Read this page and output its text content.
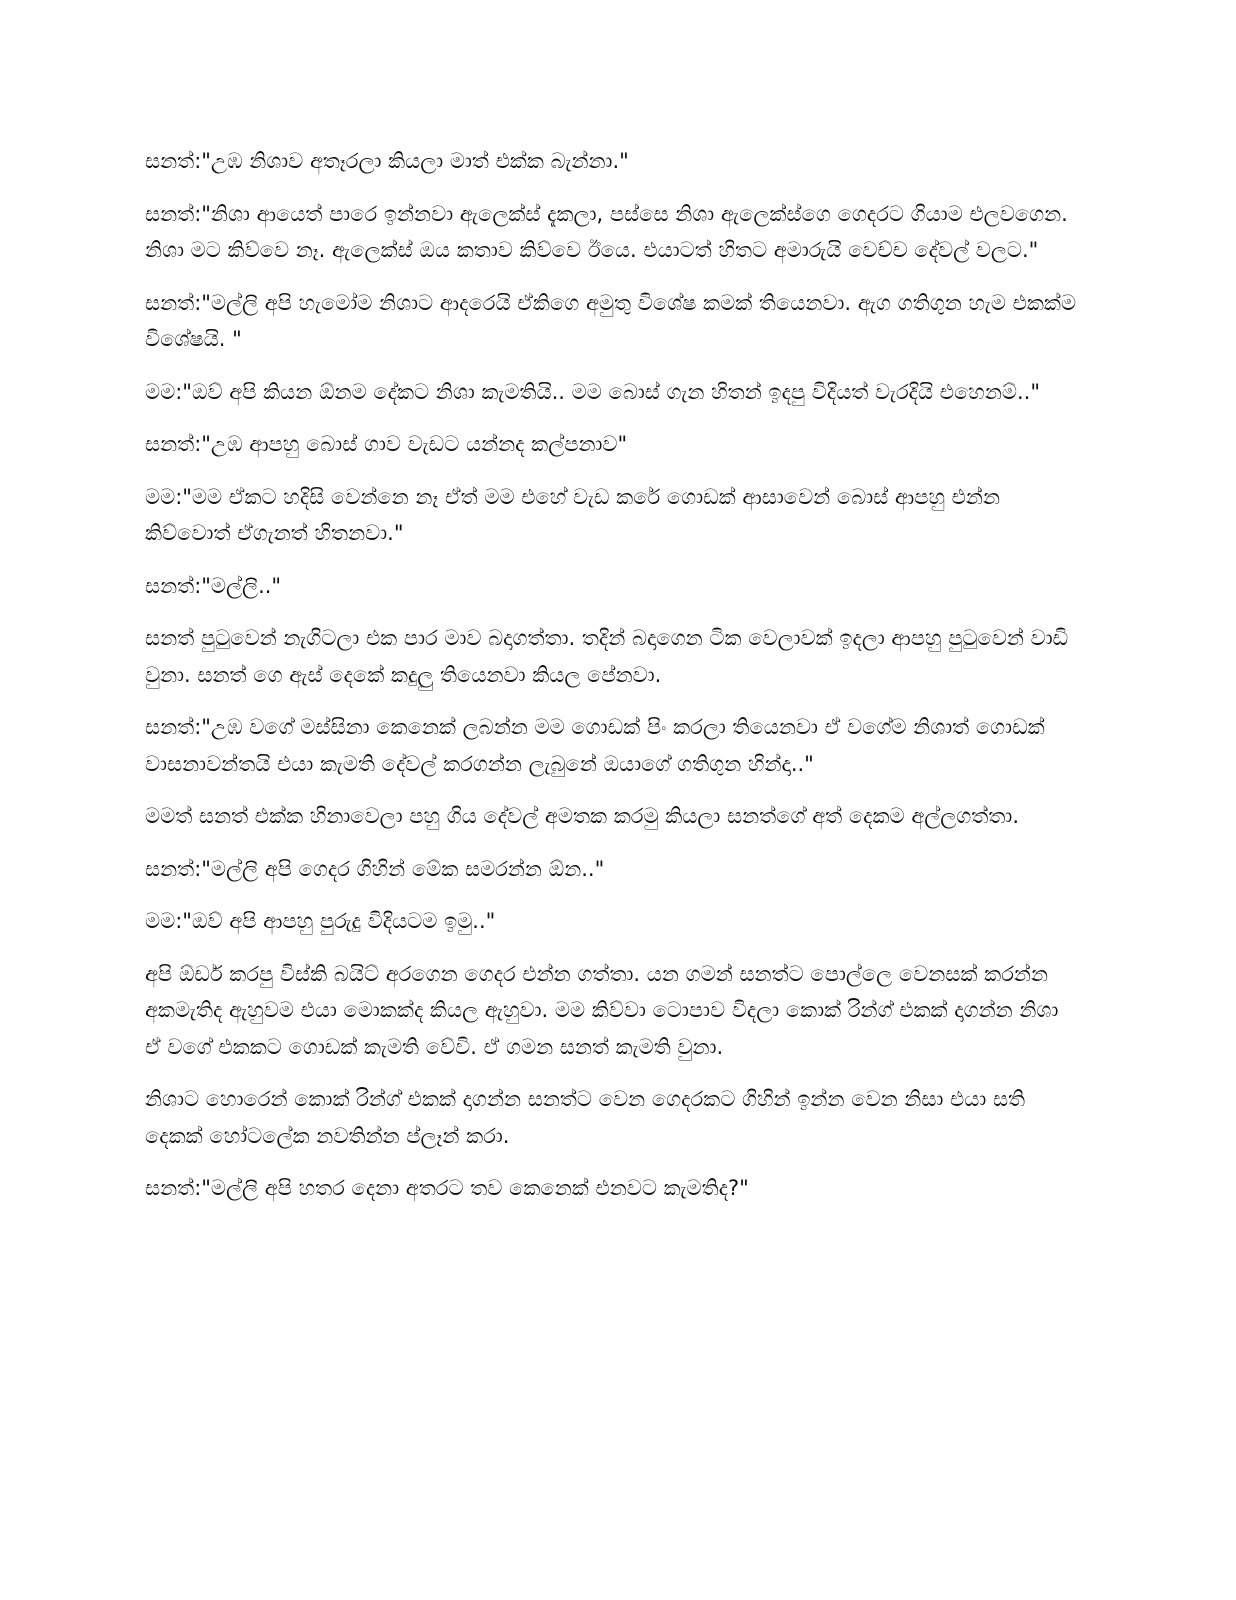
සනත්:"උඹ නිශාව අතෑරලා කියලා මාත් එක්ක බැන්නා."

සනත්:"නිශා ආයෙත් පාරෙ ඉන්නවා ඇලෙක්ස් දැකලා, පස්සෙ නිශා ඇලෙක්ස්ගෙ ගෙදරට ගියාම එලවගෙන. නිශා මට කිව්වෙ නෑ. ඇලෙක්ස් ඔය කතාව කිව්වෙ ඊයෙ. එයාටත් හිතට අමාරුයි වෙච්ච දේවල් වලට."

සනත්:"මල්ලි අපි හැමෝම නිශාට ආදරෙයි ඒකිගෙ අමුතු විශේෂ කමක් තියෙනවා. ඇග ගතිගුන හැම එකක්ම විශේෂයි. "

මම:"ඔව් අපි කියන ඕනම දේකට නිශා කැමතියි.. මම බොස් ගැන හිතන් ඉදපු විදියත් වැරදියි එහෙනම්.."

සනත්:"උඹ ආපහු බොස් ගාව වැඩට යන්නද කල්පනාව"

මම:"මම ඒකට හදිසි වෙන්නෙ නෑ ඒත් මම එහේ වැඩ කරේ ගොඩක් ආසාවෙන් බොස් ආපහු එන්න කිව්වොත් ඒගැනත් හිතනවා."

සනත්:"මල්ලි.."

සනත් පුටුවෙන් නැගිටලා එක පාර මාව බදාගත්තා. තදින් බදාගෙන ටික වෙලාවක් ඉදලා ආපහු පුටුවෙන් වාඩි වුනා. සනත් ගෙ ඇස් දෙකේ කදුලු තියෙනවා කියල පේනවා.

සනත්:"උඹ වගේ මස්සිනා කෙනෙක් ලබන්න මම ගොඩක් පිං කරලා තියෙනවා ඒ වගේම නිශාත් ගොඩක් වාසනාවන්තයි එයා කැමති දේවල් කරගන්න ලැබුනේ ඔයාගේ ගතිගුන හින්දා.."

මමත් සනත් එක්ක හිනාවෙලා පහු ගිය දේවල් අමතක කරමු කියලා සනත්ගේ අත් දෙකම අල්ලගත්තා.

සනත්:"මල්ලි අපි ගෙදර ගිහින් මේක සමරන්න ඕන.."

මම:"ඔව් අපි ආපහු පුරුදු විදියටම ඉමු.."

අපි ඕඩර් කරපු විස්කි බයිට් අරගෙන ගෙදර එන්න ගත්තා. යන ගමන් සනත්ට පොල්ලෙ වෙනසක් කරන්න අකමැතිද ඇහුවම එයා මොකක්ද කියල ඇහුවා. මම කිව්වා ටොපාව විදලා කොක් රින්ග් එකක් දාගන්න නිශා ඒ වගේ එකකට ගොඩක් කැමති වේවි. ඒ ගමන සනත් කැමති වුනා.

නිශාට හොරෙන් කොක් රින්ග් එකක් දාගන්න සනත්ට වෙන ගෙදරකට ගිහින් ඉන්න වෙන නිසා එයා සති දෙකක් හෝටලේක නවතින්න ප්ලෑන් කරා.

සනත්:"මල්ලි අපි හතර දෙනා අතරට තව කෙනෙක් එනවට කැමතිද?"
